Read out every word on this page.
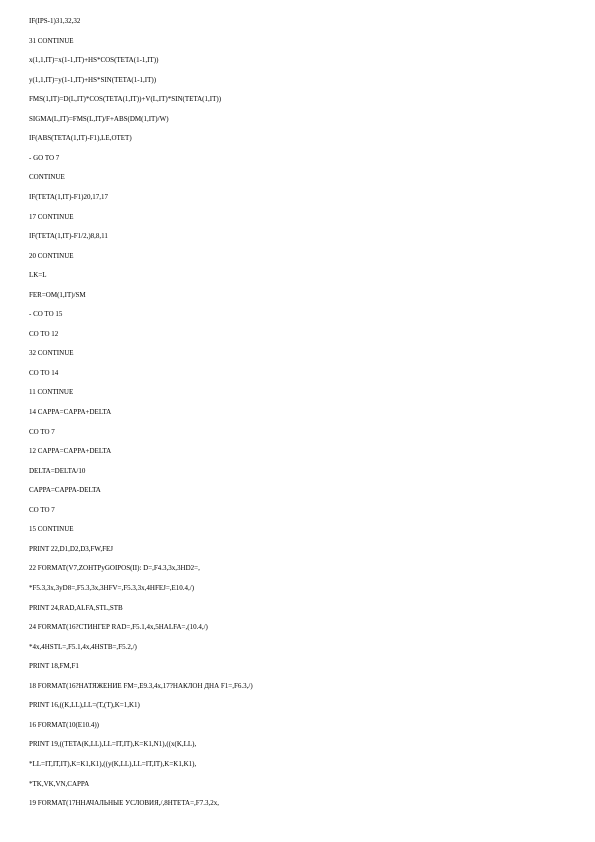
IF(IPS-1)31,32,32
31 CONTINUE
x(1,1,IT)=x(1-1,IT)+HS*COS(TETA(1-1,IT))
y(1,1,IT)=y(1-1,IT)+HS*SIN(TETA(1-1,IT))
FMS(1,IT)=D(L,IT)*COS(TETA(1,IT))+V(L,IT)*SIN(TETA(1,IT))
SIGMA(L,IT)=FMS(L,IT)/F+ABS(DM(1,IT)/W)
IF(ABS(TETA(1,IT)-F1),LE,OTET)
- GO TO 7
CONTINUE
IF(TETA(1,IT)-F1)20,17,17
17 CONTINUE
IF(TETA(1,IT)-F1/2,)8,8,11
20 CONTINUE
LK=L
FER=OM(1,IT)/SM
- CO TO 15
CO TO 12
32 CONTINUE
CO TO 14
11 CONTINUE
14 CAPPA=CAPPA+DELTA
CO TO 7
12 CAPPA=CAPPA+DELTA
DELTA=DELTA/10
CAPPA=CAPPA-DELTA
CO TO 7
15 CONTINUE
PRINT 22,D1,D2,D3,FW,FEJ
22 FORMAT(V7,ZOHTPyGOIPOS(II): D=,F4.3,3x,3HD2=,
*F5.3,3x,3yD8=,F5.3,3x,3HFV=,F5.3,3x,4HFEJ=,E10.4,/)
PRINT 24,RAD,ALFA,STL,STB
24 FORMAT(16?CTИНГЕР RAD=,F5.1,4x,5HALFA=,(10.4,/)
*4x,4HSTL=,F5.1,4x,4HSTB=,F5.2,/)
PRINT 18,FM,F1
18 FORMAT(16?НАТЯЖЕНИЕ FM=,E9.3,4x,17?НАКЛОН ДНА F1=,F6.3,/)
PRINT 16,((K,LL),LL=(T,(T),K=1,K1)
16 FORMAT(10(E10.4))
PRINT 19,((TETA(K,LL),LL=IT,IT),K=K1,N1),((x(K,LL),
*LL=IT,IT,IT),K=K1,K1),((y(K,LL),LL=IT,IT),K=K1,K1),
*TK,VK,VN,CAPPA
19 FORMAT(17HНАЧАЛЬНЫЕ УСЛОВИЯ,/,8HTETA=,F7.3,2x,
